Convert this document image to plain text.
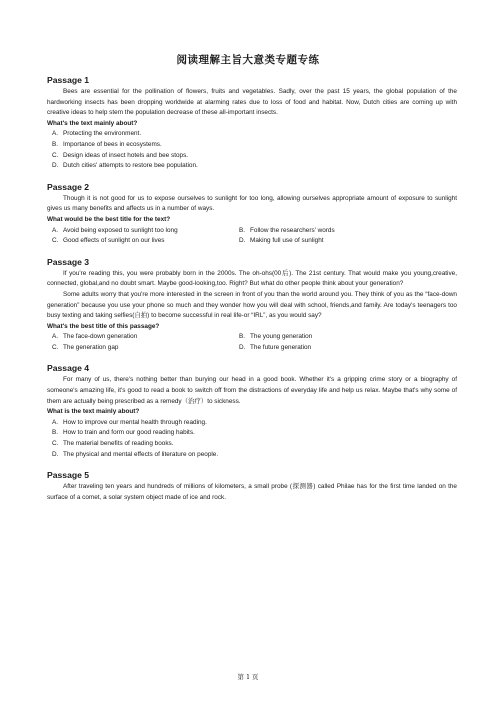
阅读理解主旨大意类专题专练
Passage 1

Bees are essential for the pollination of flowers, fruits and vegetables. Sadly, over the past 15 years, the global population of the hardworking insects has been dropping worldwide at alarming rates due to loss of food and habitat. Now, Dutch cities are coming up with creative ideas to help stem the population decrease of these all-important insects.

What's the text mainly about?

A. Protecting the environment.
B. Importance of bees in ecosystems.
C. Design ideas of insect hotels and bee stops.
D. Dutch cities' attempts to restore bee population.
Passage 2

Though it is not good for us to expose ourselves to sunlight for too long, allowing ourselves appropriate amount of exposure to sunlight gives us many benefits and affects us in a number of ways.

What would be the best title for the text?

A. Avoid being exposed to sunlight too long	B. Follow the researchers' words
C. Good effects of sunlight on our lives	D. Making full use of sunlight
Passage 3

If you're reading this, you were probably born in the 2000s. The oh-ohs(00后). The 21st century. That would make you young,creative, connected, global,and no doubt smart. Maybe good-looking,too. Right? But what do other people think about your generation?

Some adults worry that you're more interested in the screen in front of you than the world around you. They think of you as the “face-down generation” because you use your phone so much and they wonder how you will deal with school, friends,and family. Are today's teenagers too busy texting and taking selfies(自拍) to become successful in real life-or “IRL”, as you would say?

What's the best title of this passage?

A. The face-down generation	B. The young generation
C. The generation gap	D. The future generation
Passage 4

For many of us, there's nothing better than burying our head in a good book. Whether it's a gripping crime story or a biography of someone's amazing life, it's good to read a book to switch off from the distractions of everyday life and help us relax. Maybe that's why some of them are actually being prescribed as a remedy（治疗）to sickness.

What is the text mainly about?

A. How to improve our mental health through reading.
B. How to train and form our good reading habits.
C. The material benefits of reading books.
D. The physical and mental effects of literature on people.
Passage 5

After traveling ten years and hundreds of millions of kilometers, a small probe (探测器) called Philae has for the first time landed on the surface of a comet, a solar system object made of ice and rock.

第 1 页
